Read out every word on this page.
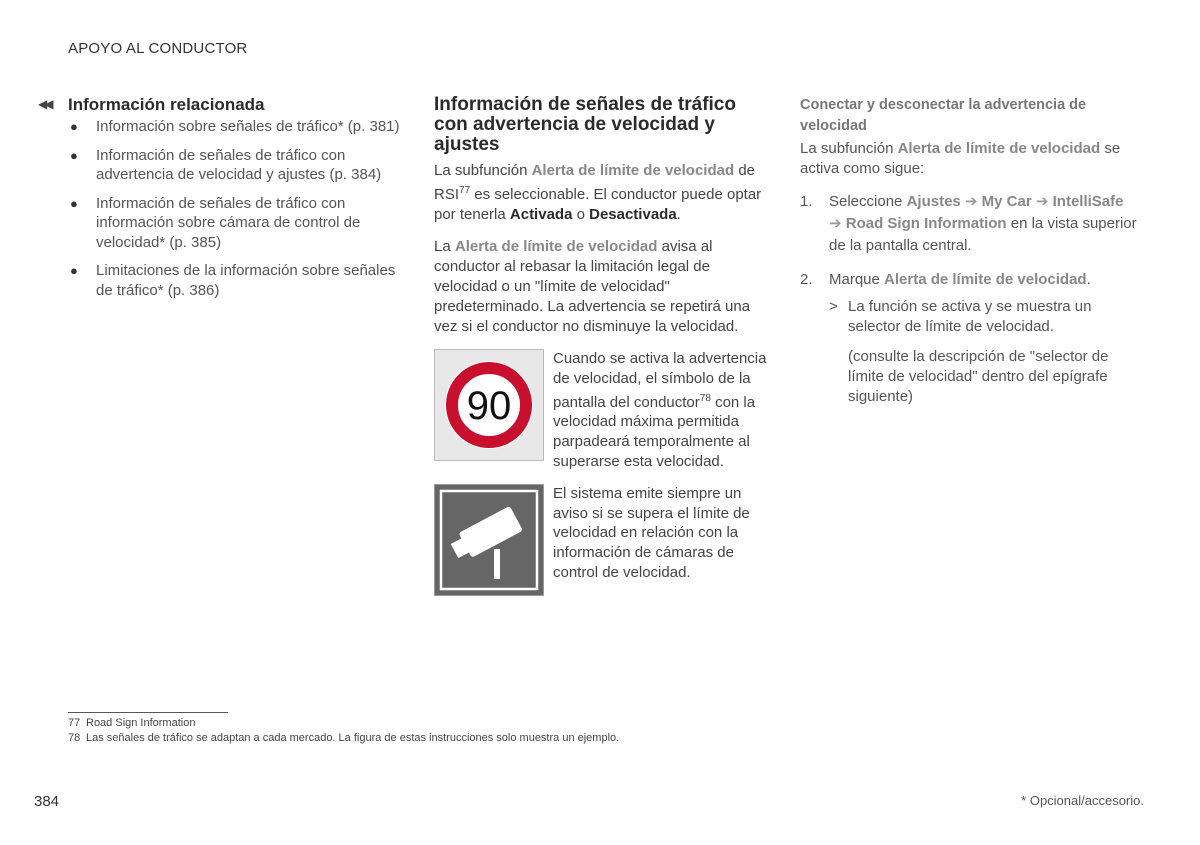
APOYO AL CONDUCTOR
◀◀ Información relacionada
● Información sobre señales de tráfico* (p. 381)
● Información de señales de tráfico con advertencia de velocidad y ajustes (p. 384)
● Información de señales de tráfico con información sobre cámara de control de velocidad* (p. 385)
● Limitaciones de la información sobre señales de tráfico* (p. 386)
Información de señales de tráfico con advertencia de velocidad y ajustes

La subfunción Alerta de límite de velocidad de RSI$^{77}$ es seleccionable. El conductor puede optar por tenerla Activada o Desactivada.

La Alerta de límite de velocidad avisa al conductor al rebasar la limitación legal de velocidad o un "límite de velocidad" predeterminado. La advertencia se repetirá una vez si el conductor no disminuye la velocidad.

90
Cuando se activa la advertencia de velocidad, el símbolo de la pantalla del conductor$^{78}$ con la velocidad máxima permitida parpadeará temporalmente al superarse esta velocidad.
El sistema emite siempre un aviso si se supera el límite de velocidad en relación con la información de cámaras de control de velocidad.
Conectar y desconectar la advertencia de velocidad

La subfunción Alerta de límite de velocidad se activa como sigue:

1. Seleccione Ajustes ➔ My Car ➔ IntelliSafe ➔ Road Sign Information en la vista superior de la pantalla central.
2. Marque Alerta de límite de velocidad.
> La función se activa y se muestra un selector de límite de velocidad.
(consulte la descripción de "selector de límite de velocidad" dentro del epígrafe siguiente)
77 Road Sign Information
78 Las señales de tráfico se adaptan a cada mercado. La figura de estas instrucciones solo muestra un ejemplo.
384	* Opcional/accesorio.
